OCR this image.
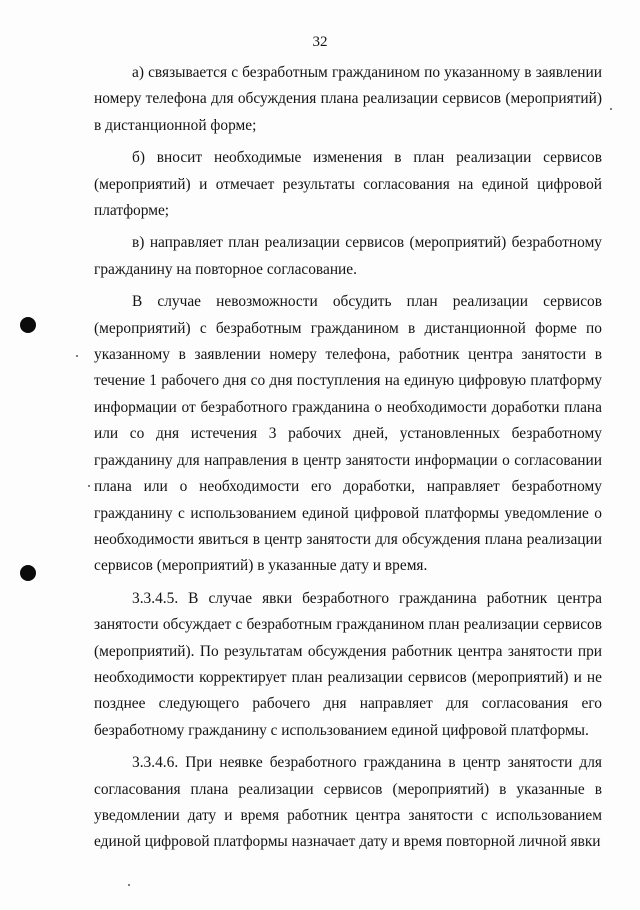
32

а) связывается с безработным гражданином по указанному в заявлении номеру телефона для обсуждения плана реализации сервисов (мероприятий) в дистанционной форме;

б) вносит необходимые изменения в план реализации сервисов (мероприятий) и отмечает результаты согласования на единой цифровой платформе;

в) направляет план реализации сервисов (мероприятий) безработному гражданину на повторное согласование.

В случае невозможности обсудить план реализации сервисов (мероприятий) с безработным гражданином в дистанционной форме по указанному в заявлении номеру телефона, работник центра занятости в течение 1 рабочего дня со дня поступления на единую цифровую платформу информации от безработного гражданина о необходимости доработки плана или со дня истечения 3 рабочих дней, установленных безработному гражданину для направления в центр занятости информации о согласовании плана или о необходимости его доработки, направляет безработному гражданину с использованием единой цифровой платформы уведомление о необходимости явиться в центр занятости для обсуждения плана реализации сервисов (мероприятий) в указанные дату и время.

3.3.4.5. В случае явки безработного гражданина работник центра занятости обсуждает с безработным гражданином план реализации сервисов (мероприятий). По результатам обсуждения работник центра занятости при необходимости корректирует план реализации сервисов (мероприятий) и не позднее следующего рабочего дня направляет для согласования его безработному гражданину с использованием единой цифровой платформы.

3.3.4.6. При неявке безработного гражданина в центр занятости для согласования плана реализации сервисов (мероприятий) в указанные в уведомлении дату и время работник центра занятости с использованием единой цифровой платформы назначает дату и время повторной личной явки
